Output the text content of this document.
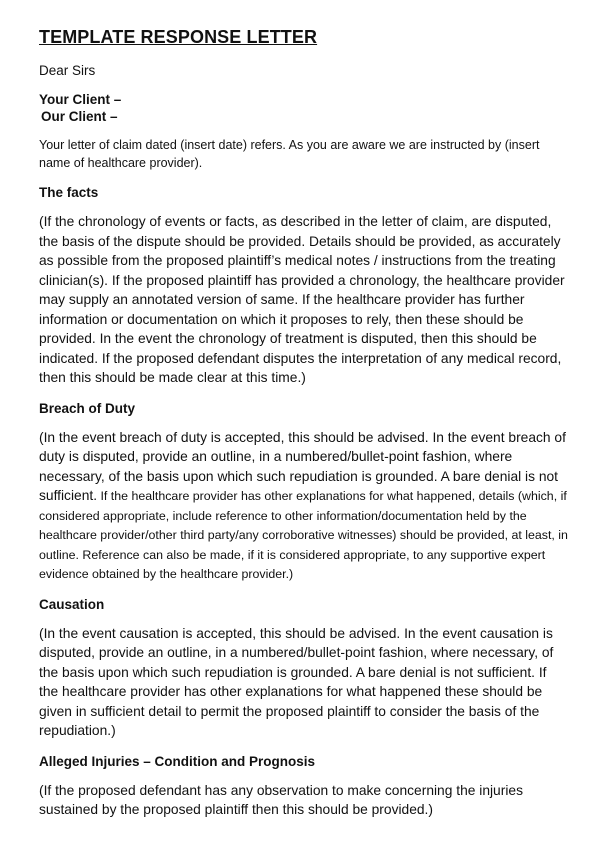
TEMPLATE RESPONSE LETTER
Dear Sirs
Your Client –
Our Client –
Your letter of claim dated (insert date) refers. As you are aware we are instructed by (insert name of healthcare provider).
The facts
(If the chronology of events or facts, as described in the letter of claim, are disputed, the basis of the dispute should be provided. Details should be provided, as accurately as possible from the proposed plaintiff’s medical notes / instructions from the treating clinician(s). If the proposed plaintiff has provided a chronology, the healthcare provider may supply an annotated version of same. If the healthcare provider has further information or documentation on which it proposes to rely, then these should be provided. In the event the chronology of treatment is disputed, then this should be indicated. If the proposed defendant disputes the interpretation of any medical record, then this should be made clear at this time.)
Breach of Duty
(In the event breach of duty is accepted, this should be advised. In the event breach of duty is disputed, provide an outline, in a numbered/bullet-point fashion, where necessary, of the basis upon which such repudiation is grounded. A bare denial is not sufficient. If the healthcare provider has other explanations for what happened, details (which, if considered appropriate, include reference to other information/documentation held by the healthcare provider/other third party/any corroborative witnesses) should be provided, at least, in outline. Reference can also be made, if it is considered appropriate, to any supportive expert evidence obtained by the healthcare provider.)
Causation
(In the event causation is accepted, this should be advised. In the event causation is disputed, provide an outline, in a numbered/bullet-point fashion, where necessary, of the basis upon which such repudiation is grounded. A bare denial is not sufficient. If the healthcare provider has other explanations for what happened these should be given in sufficient detail to permit the proposed plaintiff to consider the basis of the repudiation.)
Alleged Injuries – Condition and Prognosis
(If the proposed defendant has any observation to make concerning the injuries sustained by the proposed plaintiff then this should be provided.)
